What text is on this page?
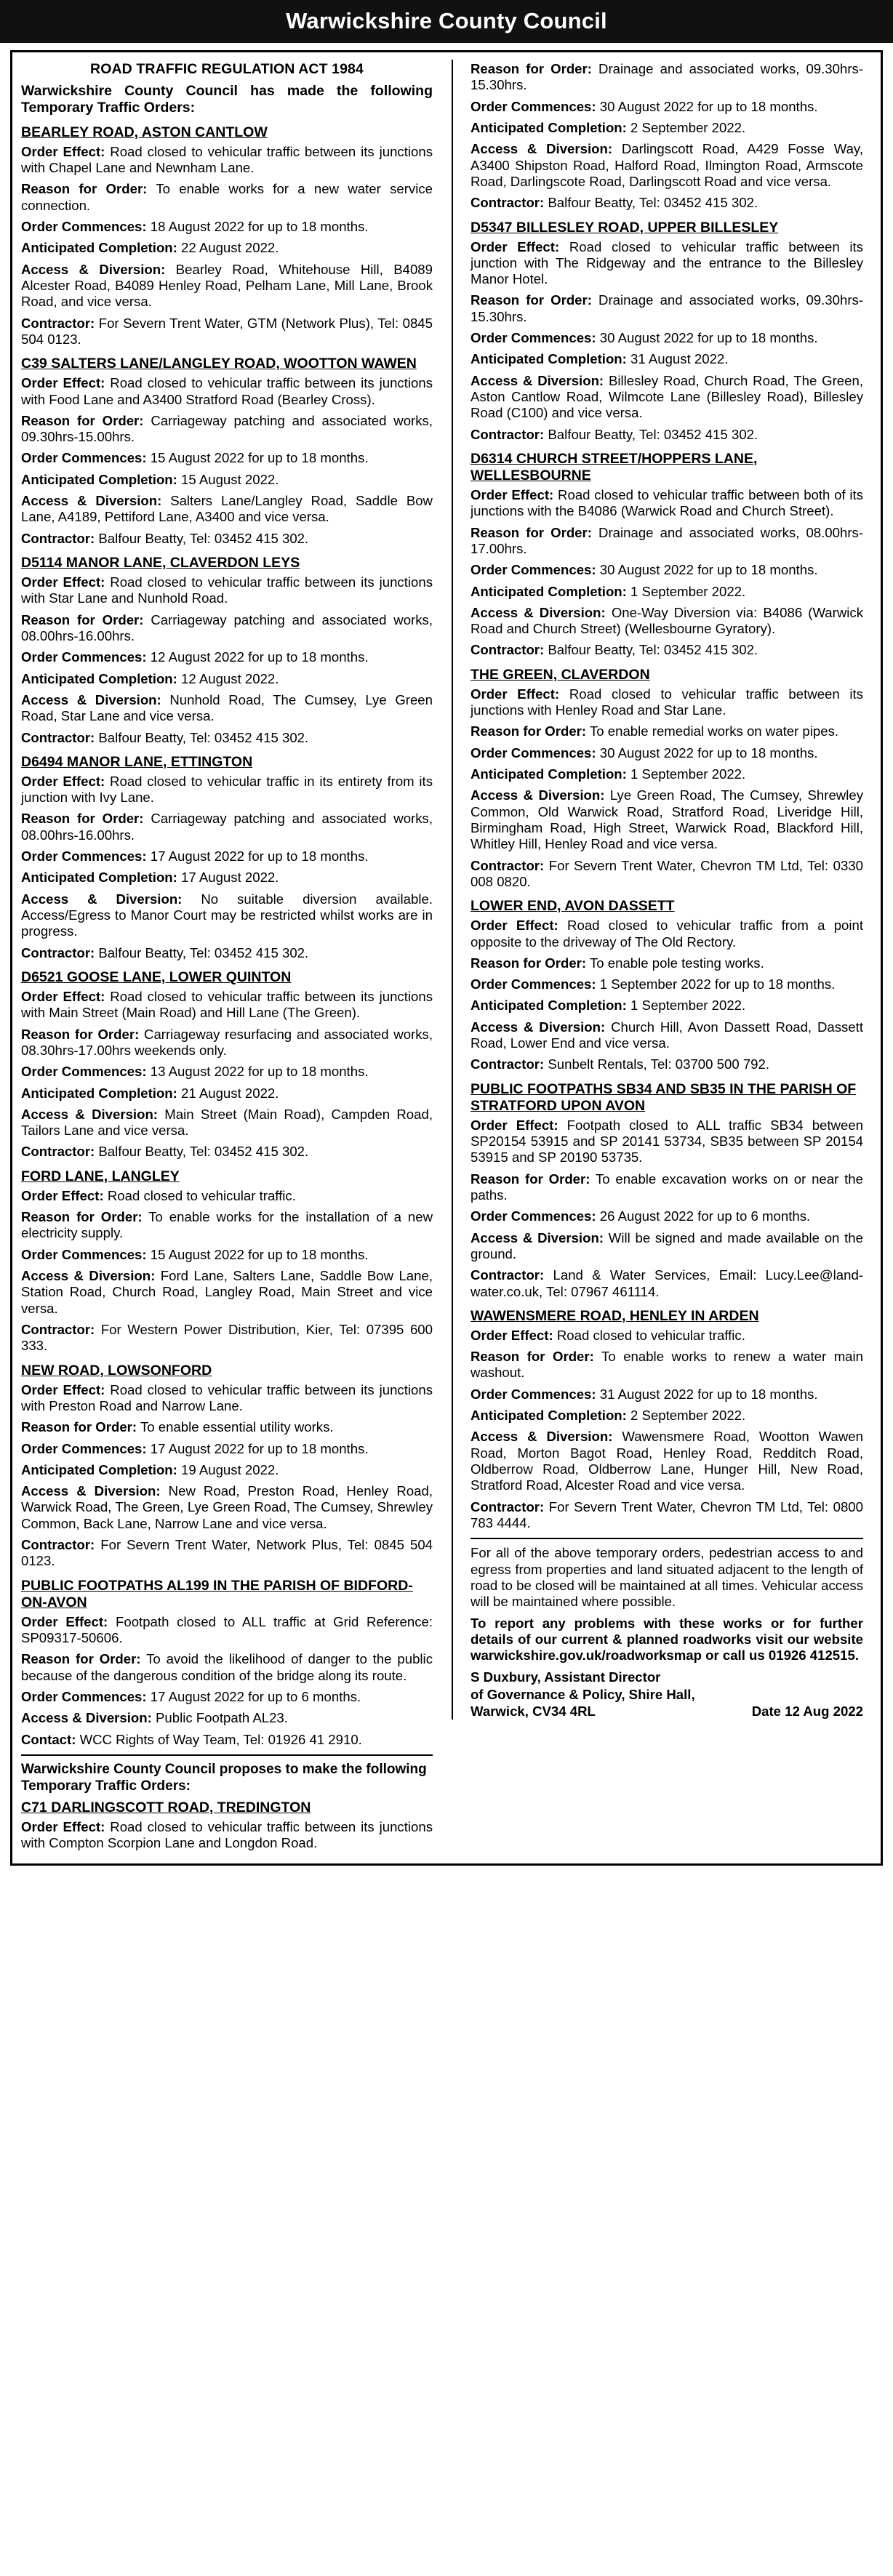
Warwickshire County Council
ROAD TRAFFIC REGULATION ACT 1984
Warwickshire County Council has made the following Temporary Traffic Orders:
BEARLEY ROAD, ASTON CANTLOW

Order Effect: Road closed to vehicular traffic between its junctions with Chapel Lane and Newnham Lane.

Reason for Order: To enable works for a new water service connection.

Order Commences: 18 August 2022 for up to 18 months.

Anticipated Completion: 22 August 2022.

Access & Diversion: Bearley Road, Whitehouse Hill, B4089 Alcester Road, B4089 Henley Road, Pelham Lane, Mill Lane, Brook Road, and vice versa.

Contractor: For Severn Trent Water, GTM (Network Plus), Tel: 0845 504 0123.

C39 SALTERS LANE/LANGLEY ROAD, WOOTTON WAWEN

Order Effect: Road closed to vehicular traffic between its junctions with Food Lane and A3400 Stratford Road (Bearley Cross).

Reason for Order: Carriageway patching and associated works, 09.30hrs-15.00hrs.

Order Commences: 15 August 2022 for up to 18 months.

Anticipated Completion: 15 August 2022.

Access & Diversion: Salters Lane/Langley Road, Saddle Bow Lane, A4189, Pettiford Lane, A3400 and vice versa.

Contractor: Balfour Beatty, Tel: 03452 415 302.

D5114 MANOR LANE, CLAVERDON LEYS

Order Effect: Road closed to vehicular traffic between its junctions with Star Lane and Nunhold Road.

Reason for Order: Carriageway patching and associated works, 08.00hrs-16.00hrs.

Order Commences: 12 August 2022 for up to 18 months.

Anticipated Completion: 12 August 2022.

Access & Diversion: Nunhold Road, The Cumsey, Lye Green Road, Star Lane and vice versa.

Contractor: Balfour Beatty, Tel: 03452 415 302.

D6494 MANOR LANE, ETTINGTON

Order Effect: Road closed to vehicular traffic in its entirety from its junction with Ivy Lane.

Reason for Order: Carriageway patching and associated works, 08.00hrs-16.00hrs.

Order Commences: 17 August 2022 for up to 18 months.

Anticipated Completion: 17 August 2022.

Access & Diversion: No suitable diversion available. Access/Egress to Manor Court may be restricted whilst works are in progress.

Contractor: Balfour Beatty, Tel: 03452 415 302.

D6521 GOOSE LANE, LOWER QUINTON

Order Effect: Road closed to vehicular traffic between its junctions with Main Street (Main Road) and Hill Lane (The Green).

Reason for Order: Carriageway resurfacing and associated works, 08.30hrs-17.00hrs weekends only.

Order Commences: 13 August 2022 for up to 18 months.

Anticipated Completion: 21 August 2022.

Access & Diversion: Main Street (Main Road), Campden Road, Tailors Lane and vice versa.

Contractor: Balfour Beatty, Tel: 03452 415 302.

FORD LANE, LANGLEY

Order Effect: Road closed to vehicular traffic.

Reason for Order: To enable works for the installation of a new electricity supply.

Order Commences: 15 August 2022 for up to 18 months.

Access & Diversion: Ford Lane, Salters Lane, Saddle Bow Lane, Station Road, Church Road, Langley Road, Main Street and vice versa.

Contractor: For Western Power Distribution, Kier, Tel: 07395 600 333.

NEW ROAD, LOWSONFORD

Order Effect: Road closed to vehicular traffic between its junctions with Preston Road and Narrow Lane.

Reason for Order: To enable essential utility works.

Order Commences: 17 August 2022 for up to 18 months.

Anticipated Completion: 19 August 2022.

Access & Diversion: New Road, Preston Road, Henley Road, Warwick Road, The Green, Lye Green Road, The Cumsey, Shrewley Common, Back Lane, Narrow Lane and vice versa.

Contractor: For Severn Trent Water, Network Plus, Tel: 0845 504 0123.

PUBLIC FOOTPATHS AL199 IN THE PARISH OF BIDFORD-ON-AVON

Order Effect: Footpath closed to ALL traffic at Grid Reference: SP09317-50606.

Reason for Order: To avoid the likelihood of danger to the public because of the dangerous condition of the bridge along its route.

Order Commences: 17 August 2022 for up to 6 months.

Access & Diversion: Public Footpath AL23.

Contact: WCC Rights of Way Team, Tel: 01926 41 2910.

Warwickshire County Council proposes to make the following Temporary Traffic Orders:
C71 DARLINGSCOTT ROAD, TREDINGTON

Order Effect: Road closed to vehicular traffic between its junctions with Compton Scorpion Lane and Longdon Road.

Reason for Order: Drainage and associated works, 09.30hrs-15.30hrs.

Order Commences: 30 August 2022 for up to 18 months.

Anticipated Completion: 2 September 2022.

Access & Diversion: Darlingscott Road, A429 Fosse Way, A3400 Shipston Road, Halford Road, Ilmington Road, Armscote Road, Darlingscote Road, Darlingscott Road and vice versa.

Contractor: Balfour Beatty, Tel: 03452 415 302.

D5347 BILLESLEY ROAD, UPPER BILLESLEY

Order Effect: Road closed to vehicular traffic between its junction with The Ridgeway and the entrance to the Billesley Manor Hotel.

Reason for Order: Drainage and associated works, 09.30hrs-15.30hrs.

Order Commences: 30 August 2022 for up to 18 months.

Anticipated Completion: 31 August 2022.

Access & Diversion: Billesley Road, Church Road, The Green, Aston Cantlow Road, Wilmcote Lane (Billesley Road), Billesley Road (C100) and vice versa.

Contractor: Balfour Beatty, Tel: 03452 415 302.

D6314 CHURCH STREET/HOPPERS LANE, WELLESBOURNE

Order Effect: Road closed to vehicular traffic between both of its junctions with the B4086 (Warwick Road and Church Street).

Reason for Order: Drainage and associated works, 08.00hrs-17.00hrs.

Order Commences: 30 August 2022 for up to 18 months.

Anticipated Completion: 1 September 2022.

Access & Diversion: One-Way Diversion via: B4086 (Warwick Road and Church Street) (Wellesbourne Gyratory).

Contractor: Balfour Beatty, Tel: 03452 415 302.

THE GREEN, CLAVERDON

Order Effect: Road closed to vehicular traffic between its junctions with Henley Road and Star Lane.

Reason for Order: To enable remedial works on water pipes.

Order Commences: 30 August 2022 for up to 18 months.

Anticipated Completion: 1 September 2022.

Access & Diversion: Lye Green Road, The Cumsey, Shrewley Common, Old Warwick Road, Stratford Road, Liveridge Hill, Birmingham Road, High Street, Warwick Road, Blackford Hill, Whitley Hill, Henley Road and vice versa.

Contractor: For Severn Trent Water, Chevron TM Ltd, Tel: 0330 008 0820.

LOWER END, AVON DASSETT

Order Effect: Road closed to vehicular traffic from a point opposite to the driveway of The Old Rectory.

Reason for Order: To enable pole testing works.

Order Commences: 1 September 2022 for up to 18 months.

Anticipated Completion: 1 September 2022.

Access & Diversion: Church Hill, Avon Dassett Road, Dassett Road, Lower End and vice versa.

Contractor: Sunbelt Rentals, Tel: 03700 500 792.

PUBLIC FOOTPATHS SB34 AND SB35 IN THE PARISH OF STRATFORD UPON AVON

Order Effect: Footpath closed to ALL traffic SB34 between SP20154 53915 and SP 20141 53734, SB35 between SP 20154 53915 and SP 20190 53735.

Reason for Order: To enable excavation works on or near the paths.

Order Commences: 26 August 2022 for up to 6 months.

Access & Diversion: Will be signed and made available on the ground.

Contractor: Land & Water Services, Email: Lucy.Lee@land-water.co.uk, Tel: 07967 461114.

WAWENSMERE ROAD, HENLEY IN ARDEN

Order Effect: Road closed to vehicular traffic.

Reason for Order: To enable works to renew a water main washout.

Order Commences: 31 August 2022 for up to 18 months.

Anticipated Completion: 2 September 2022.

Access & Diversion: Wawensmere Road, Wootton Wawen Road, Morton Bagot Road, Henley Road, Redditch Road, Oldberrow Road, Oldberrow Lane, Hunger Hill, New Road, Stratford Road, Alcester Road and vice versa.

Contractor: For Severn Trent Water, Chevron TM Ltd, Tel: 0800 783 4444.

For all of the above temporary orders, pedestrian access to and egress from properties and land situated adjacent to the length of road to be closed will be maintained at all times. Vehicular access will be maintained where possible.
To report any problems with these works or for further details of our current & planned roadworks visit our website warwickshire.gov.uk/roadworksmap or call us 01926 412515.
S Duxbury, Assistant Director
of Governance & Policy, Shire Hall,
Warwick, CV34 4RL	Date 12 Aug 2022
